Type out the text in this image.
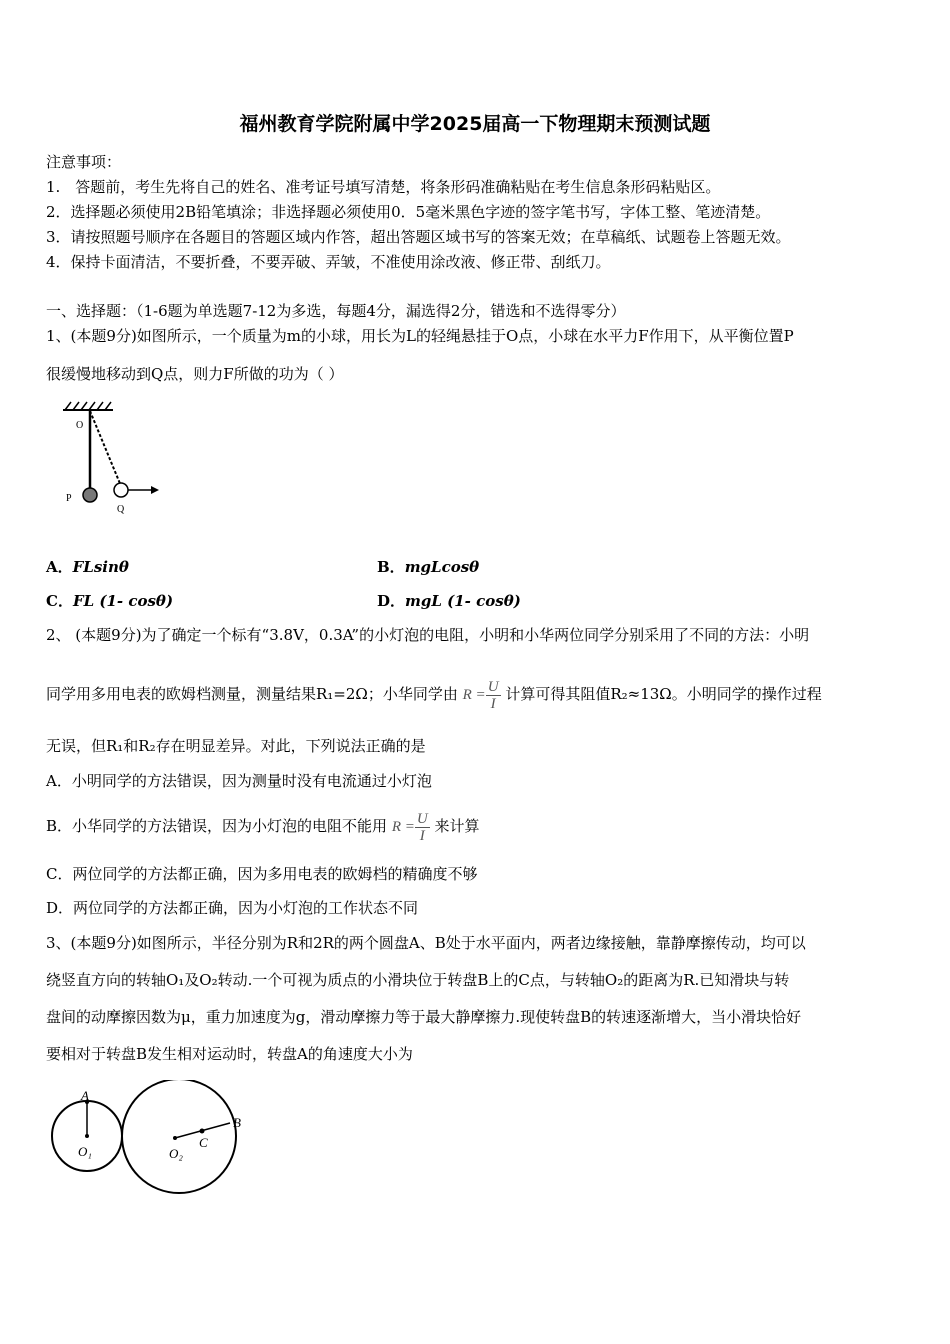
福州教育学院附属中学2025届高一下物理期末预测试题
注意事项：
1.　答题前，考生先将自己的姓名、准考证号填写清楚，将条形码准确粘贴在考生信息条形码粘贴区。
2．选择题必须使用2B铅笔填涂；非选择题必须使用0．5毫米黑色字迹的签字笔书写，字体工整、笔迹清楚。
3．请按照题号顺序在各题目的答题区域内作答，超出答题区域书写的答案无效；在草稿纸、试题卷上答题无效。
4．保持卡面清洁，不要折叠，不要弄破、弄皱，不准使用涂改液、修正带、刮纸刀。
一、选择题：（1-6题为单选题7-12为多选，每题4分，漏选得2分，错选和不选得零分）
1、(本题9分)如图所示，一个质量为m的小球，用长为L的轻绳悬挂于O点，小球在水平力F作用下，从平衡位置P
很缓慢地移动到Q点，则力F所做的功为（ ）
O
P
Q
A．FLsinθ	B．mgLcosθ
C．FL (1- cosθ)	D．mgL (1- cosθ)
2、 (本题9分)为了确定一个标有“3.8V，0.3A”的小灯泡的电阻，小明和小华两位同学分别采用了不同的方法：小明
同学用多用电表的欧姆档测量，测量结果R₁=2Ω；小华同学由 $R = \frac{U}{I}$ 计算可得其阻值R₂≈13Ω。小明同学的操作过程
无误，但R₁和R₂存在明显差异。对此，下列说法正确的是
A．小明同学的方法错误，因为测量时没有电流通过小灯泡
B．小华同学的方法错误，因为小灯泡的电阻不能用 $R = \frac{U}{I}$ 来计算
C．两位同学的方法都正确，因为多用电表的欧姆档的精确度不够
D．两位同学的方法都正确，因为小灯泡的工作状态不同
3、(本题9分)如图所示，半径分别为R和2R的两个圆盘A、B处于水平面内，两者边缘接触，靠静摩擦传动，均可以
绕竖直方向的转轴O₁及O₂转动.一个可视为质点的小滑块位于转盘B上的C点，与转轴O₂的距离为R.已知滑块与转
盘间的动摩擦因数为μ，重力加速度为g，滑动摩擦力等于最大静摩擦力.现使转盘B的转速逐渐增大，当小滑块恰好
要相对于转盘B发生相对运动时，转盘A的角速度大小为
A
O₁	O₂
C
B
